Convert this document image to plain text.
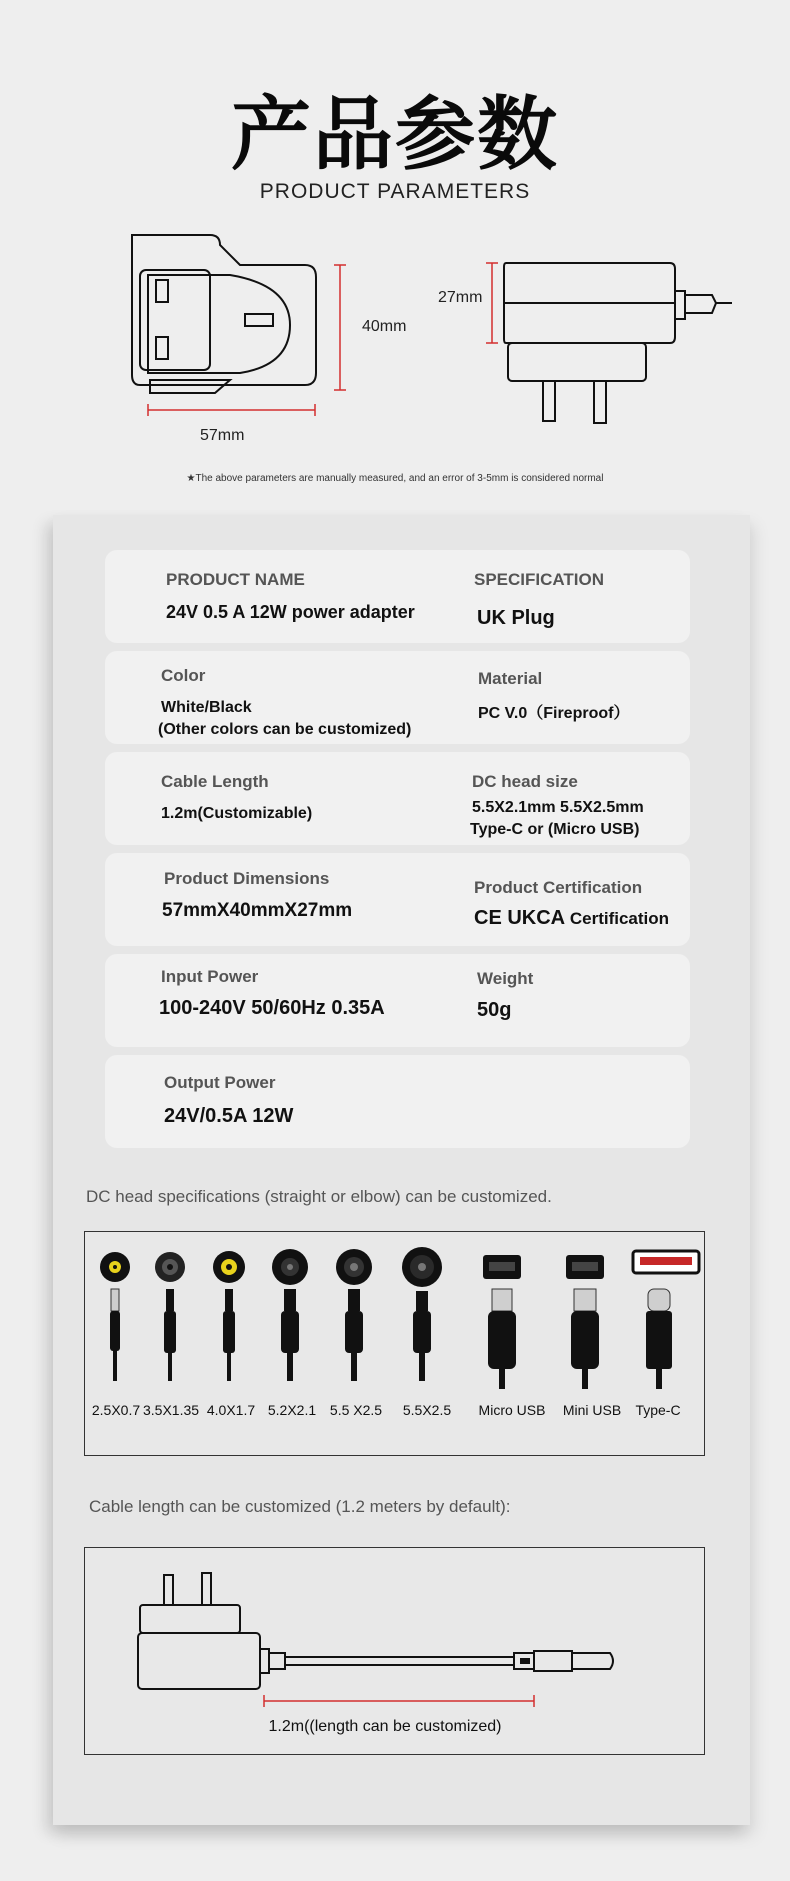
产品参数
PRODUCT PARAMETERS
40mm
57mm
27mm
★The above parameters are manually measured, and an error of 3-5mm is considered normal
PRODUCT NAME
24V 0.5 A 12W power adapter
SPECIFICATION
UK Plug
Color
White/Black
(Other colors can be customized)
Material
PC V.0（Fireproof）
Cable Length
1.2m(Customizable)
DC head size
5.5X2.1mm 5.5X2.5mm
Type-C or (Micro USB)
Product Dimensions
57mmX40mmX27mm
Product Certification
CE UKCA Certification
Input Power
100-240V 50/60Hz 0.35A
Weight
50g
Output Power
24V/0.5A 12W
DC head specifications (straight or elbow) can be customized.
2.5X0.7 3.5X1.35 4.0X1.7 5.2X2.1 5.5 X2.5	5.5X2.5	Micro USB	Mini USB	Type-C
Cable length can be customized (1.2 meters by default):
1.2m((length can be customized)
